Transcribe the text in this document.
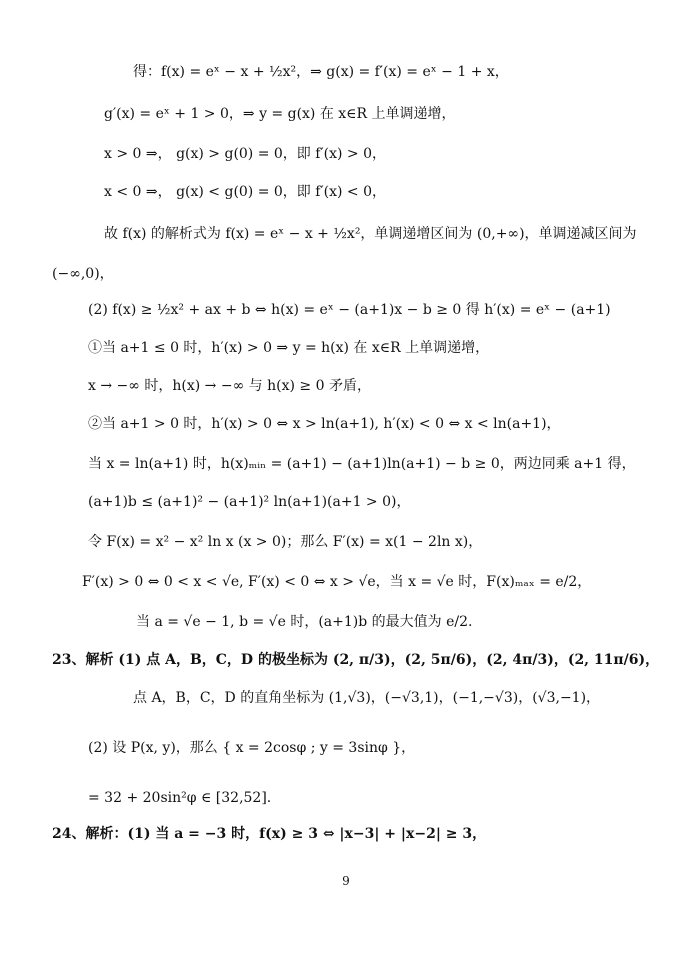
得：f(x) = eˣ − x + ½x²，⇒ g(x) = f′(x) = eˣ − 1 + x，
g′(x) = eˣ + 1 > 0，⇒ y = g(x) 在 x∈R 上单调递增，
x > 0 ⇒， g(x) > g(0) = 0，即 f′(x) > 0，
x < 0 ⇒， g(x) < g(0) = 0，即 f′(x) < 0，
故 f(x) 的解析式为 f(x) = eˣ − x + ½x²，单调递增区间为 (0,+∞)，单调递减区间为
(−∞,0)，
(2) f(x) ≥ ½x² + ax + b ⇔ h(x) = eˣ − (a+1)x − b ≥ 0 得 h′(x) = eˣ − (a+1)
①当 a+1 ≤ 0 时，h′(x) > 0 ⇒ y = h(x) 在 x∈R 上单调递增，
x → −∞ 时，h(x) → −∞ 与 h(x) ≥ 0 矛盾，
②当 a+1 > 0 时，h′(x) > 0 ⇔ x > ln(a+1), h′(x) < 0 ⇔ x < ln(a+1)，
当 x = ln(a+1) 时，h(x)ₘᵢₙ = (a+1) − (a+1)ln(a+1) − b ≥ 0，两边同乘 a+1 得，
(a+1)b ≤ (a+1)² − (a+1)² ln(a+1)(a+1 > 0)，
令 F(x) = x² − x² ln x (x > 0)；那么 F′(x) = x(1 − 2ln x)，
F′(x) > 0 ⇔ 0 < x < √e, F′(x) < 0 ⇔ x > √e，当 x = √e 时，F(x)ₘₐₓ = e/2，
当 a = √e − 1, b = √e 时，(a+1)b 的最大值为 e/2.
23、解析 (1) 点 A，B，C，D 的极坐标为 (2, π/3)，(2, 5π/6)，(2, 4π/3)，(2, 11π/6)，
点 A，B，C，D 的直角坐标为 (1,√3)，(−√3,1)，(−1,−√3)，(√3,−1)，
(2) 设 P(x, y)，那么 { x = 2cosφ ; y = 3sinφ }，
= 32 + 20sin²φ ∈ [32,52].
24、解析：(1) 当 a = −3 时，f(x) ≥ 3 ⇔ |x−3| + |x−2| ≥ 3，
9
